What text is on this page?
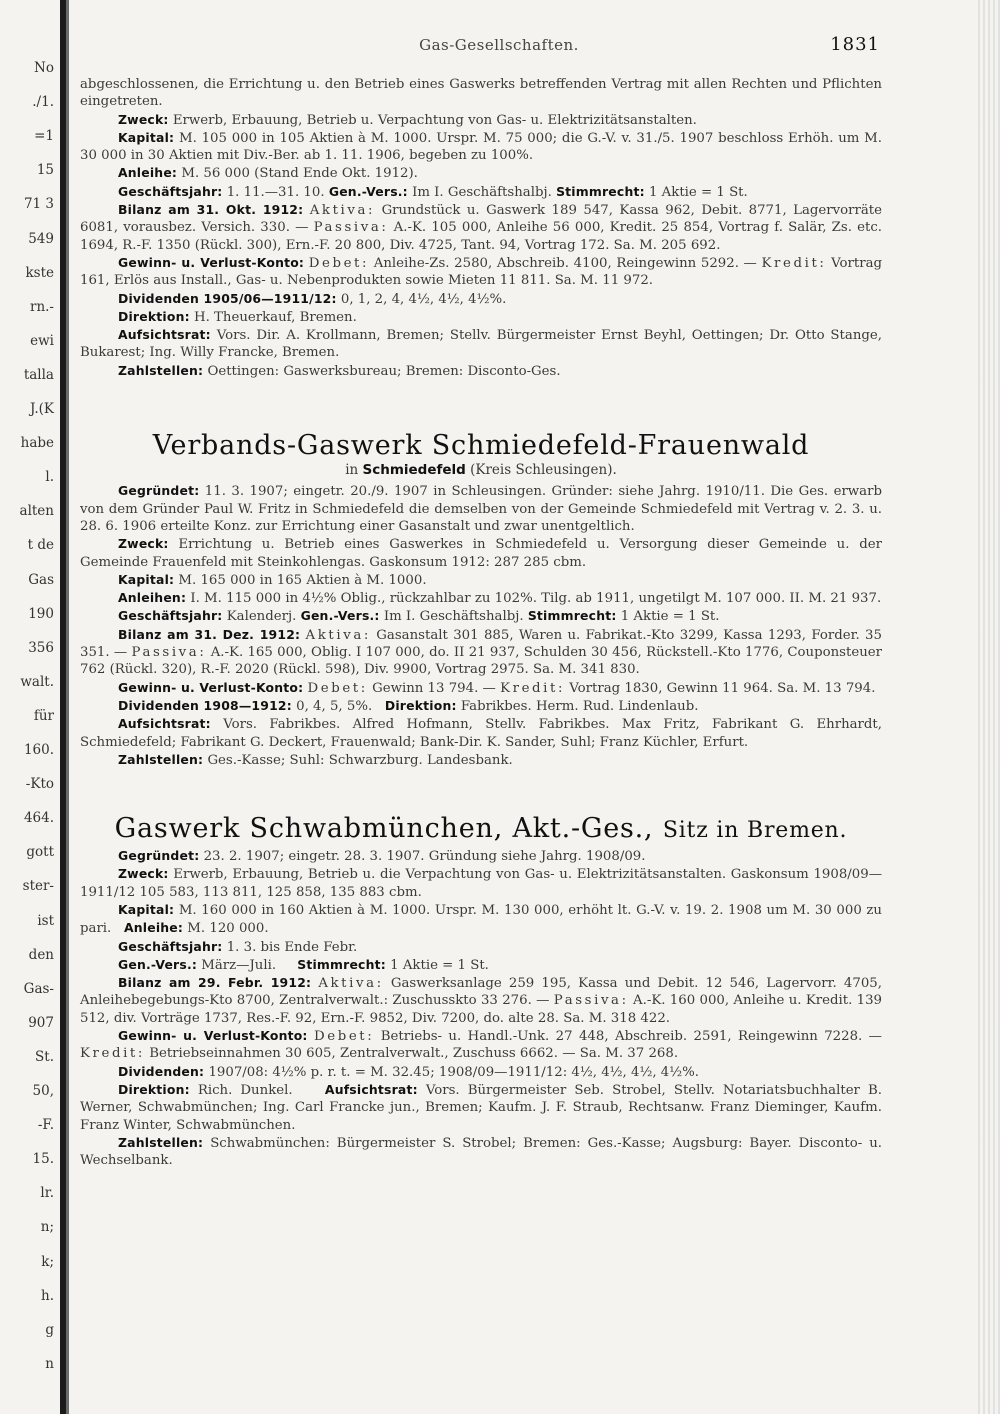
No
./1.
=1
15
71 3
549
kste
rn.-
ewi
talla
J.(K
habe
l.
alten
t de
Gas
190
356
walt.
für
160.
-Kto
464.
gott
ster-
ist
den
Gas-
907
St.
50,
-F.
15.
lr.
n;
k;
h.
g
n
Gas-Gesellschaften.	1831

abgeschlossenen, die Errichtung u. den Betrieb eines Gaswerks betreffenden Vertrag mit allen Rechten und Pflichten eingetreten.

Zweck: Erwerb, Erbauung, Betrieb u. Verpachtung von Gas- u. Elektrizitätsanstalten.

Kapital: M. 105 000 in 105 Aktien à M. 1000. Urspr. M. 75 000; die G.-V. v. 31./5. 1907 beschloss Erhöh. um M. 30 000 in 30 Aktien mit Div.-Ber. ab 1. 11. 1906, begeben zu 100%.

Anleihe: M. 56 000 (Stand Ende Okt. 1912).

Geschäftsjahr: 1. 11.—31. 10. Gen.-Vers.: Im I. Geschäftshalbj. Stimmrecht: 1 Aktie = 1 St.

Bilanz am 31. Okt. 1912: Aktiva: Grundstück u. Gaswerk 189 547, Kassa 962, Debit. 8771, Lagervorräte 6081, vorausbez. Versich. 330. — Passiva: A.-K. 105 000, Anleihe 56 000, Kredit. 25 854, Vortrag f. Salär, Zs. etc. 1694, R.-F. 1350 (Rückl. 300), Ern.-F. 20 800, Div. 4725, Tant. 94, Vortrag 172. Sa. M. 205 692.

Gewinn- u. Verlust-Konto: Debet: Anleihe-Zs. 2580, Abschreib. 4100, Reingewinn 5292. — Kredit: Vortrag 161, Erlös aus Install., Gas- u. Nebenprodukten sowie Mieten 11 811. Sa. M. 11 972.

Dividenden 1905/06—1911/12: 0, 1, 2, 4, 4½, 4½, 4½%.

Direktion: H. Theuerkauf, Bremen.

Aufsichtsrat: Vors. Dir. A. Krollmann, Bremen; Stellv. Bürgermeister Ernst Beyhl, Oettingen; Dr. Otto Stange, Bukarest; Ing. Willy Francke, Bremen.

Zahlstellen: Oettingen: Gaswerksbureau; Bremen: Disconto-Ges.

Verbands-Gaswerk Schmiedefeld-Frauenwald

in Schmiedefeld (Kreis Schleusingen).

Gegründet: 11. 3. 1907; eingetr. 20./9. 1907 in Schleusingen. Gründer: siehe Jahrg. 1910/11. Die Ges. erwarb von dem Gründer Paul W. Fritz in Schmiedefeld die demselben von der Gemeinde Schmiedefeld mit Vertrag v. 2. 3. u. 28. 6. 1906 erteilte Konz. zur Errichtung einer Gasanstalt und zwar unentgeltlich.

Zweck: Errichtung u. Betrieb eines Gaswerkes in Schmiedefeld u. Versorgung dieser Gemeinde u. der Gemeinde Frauenfeld mit Steinkohlengas. Gaskonsum 1912: 287 285 cbm.

Kapital: M. 165 000 in 165 Aktien à M. 1000.

Anleihen: I. M. 115 000 in 4½% Oblig., rückzahlbar zu 102%. Tilg. ab 1911, ungetilgt M. 107 000. II. M. 21 937.

Geschäftsjahr: Kalenderj. Gen.-Vers.: Im I. Geschäftshalbj. Stimmrecht: 1 Aktie = 1 St.

Bilanz am 31. Dez. 1912: Aktiva: Gasanstalt 301 885, Waren u. Fabrikat.-Kto 3299, Kassa 1293, Forder. 35 351. — Passiva: A.-K. 165 000, Oblig. I 107 000, do. II 21 937, Schulden 30 456, Rückstell.-Kto 1776, Couponsteuer 762 (Rückl. 320), R.-F. 2020 (Rückl. 598), Div. 9900, Vortrag 2975. Sa. M. 341 830.

Gewinn- u. Verlust-Konto: Debet: Gewinn 13 794. — Kredit: Vortrag 1830, Gewinn 11 964. Sa. M. 13 794.

Dividenden 1908—1912: 0, 4, 5, 5%. Direktion: Fabrikbes. Herm. Rud. Lindenlaub.

Aufsichtsrat: Vors. Fabrikbes. Alfred Hofmann, Stellv. Fabrikbes. Max Fritz, Fabrikant G. Ehrhardt, Schmiedefeld; Fabrikant G. Deckert, Frauenwald; Bank-Dir. K. Sander, Suhl; Franz Küchler, Erfurt.

Zahlstellen: Ges.-Kasse; Suhl: Schwarzburg. Landesbank.

Gaswerk Schwabmünchen, Akt.-Ges., Sitz in Bremen.

Gegründet: 23. 2. 1907; eingetr. 28. 3. 1907. Gründung siehe Jahrg. 1908/09.

Zweck: Erwerb, Erbauung, Betrieb u. die Verpachtung von Gas- u. Elektrizitätsanstalten. Gaskonsum 1908/09—1911/12 105 583, 113 811, 125 858, 135 883 cbm.

Kapital: M. 160 000 in 160 Aktien à M. 1000. Urspr. M. 130 000, erhöht lt. G.-V. v. 19. 2. 1908 um M. 30 000 zu pari. Anleihe: M. 120 000.

Geschäftsjahr: 1. 3. bis Ende Febr.

Gen.-Vers.: März—Juli. Stimmrecht: 1 Aktie = 1 St.

Bilanz am 29. Febr. 1912: Aktiva: Gaswerksanlage 259 195, Kassa und Debit. 12 546, Lagervorr. 4705, Anleihebegebungs-Kto 8700, Zentralverwalt.: Zuschusskto 33 276. — Passiva: A.-K. 160 000, Anleihe u. Kredit. 139 512, div. Vorträge 1737, Res.-F. 92, Ern.-F. 9852, Div. 7200, do. alte 28. Sa. M. 318 422.

Gewinn- u. Verlust-Konto: Debet: Betriebs- u. Handl.-Unk. 27 448, Abschreib. 2591, Reingewinn 7228. — Kredit: Betriebseinnahmen 30 605, Zentralverwalt., Zuschuss 6662. — Sa. M. 37 268.

Dividenden: 1907/08: 4½% p. r. t. = M. 32.45; 1908/09—1911/12: 4½, 4½, 4½, 4½%.

Direktion: Rich. Dunkel.	Aufsichtsrat: Vors. Bürgermeister Seb. Strobel, Stellv. Notariatsbuchhalter B. Werner, Schwabmünchen; Ing. Carl Francke jun., Bremen; Kaufm. J. F. Straub, Rechtsanw. Franz Dieminger, Kaufm. Franz Winter, Schwabmünchen.

Zahlstellen: Schwabmünchen: Bürgermeister S. Strobel; Bremen: Ges.-Kasse; Augsburg: Bayer. Disconto- u. Wechselbank.
